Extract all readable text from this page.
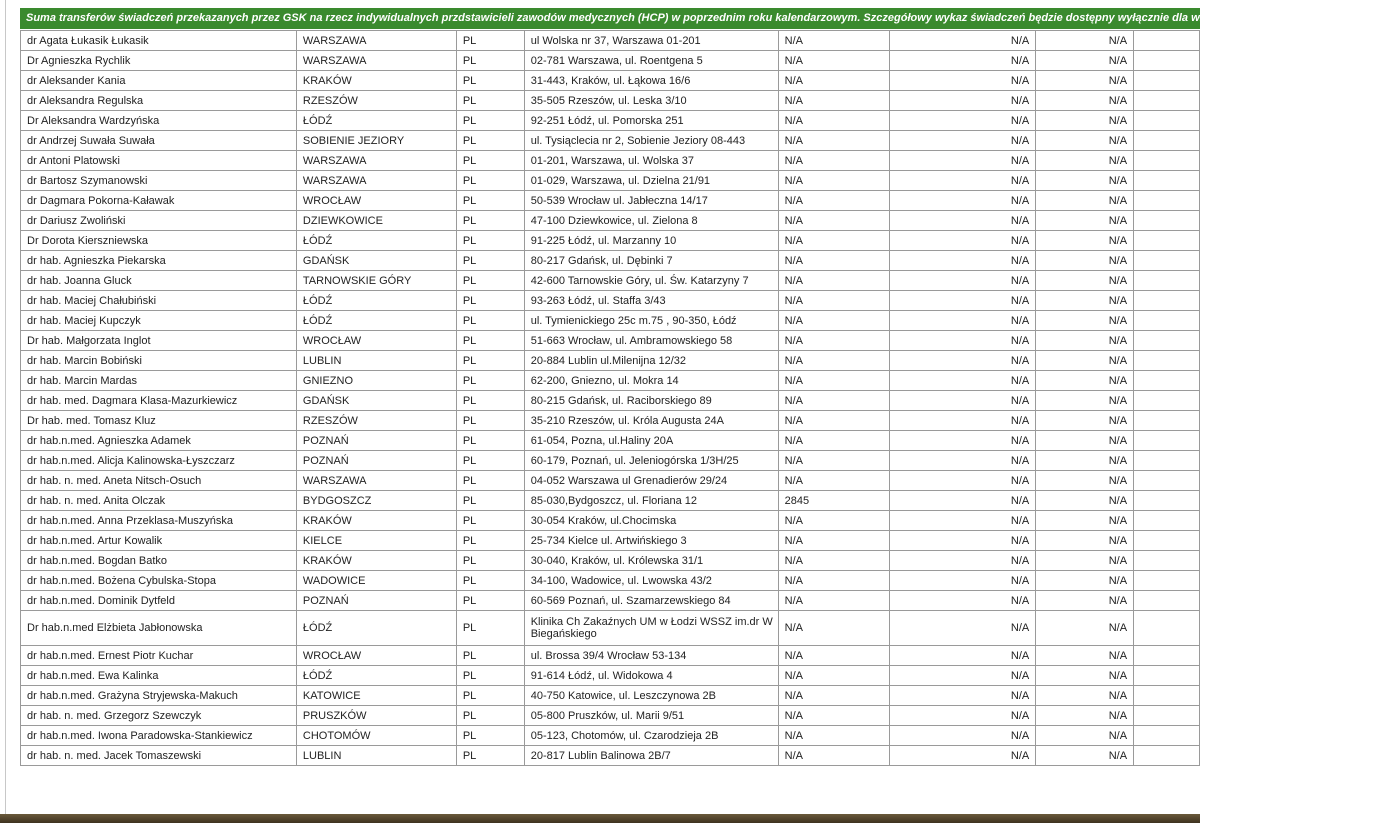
Suma transferów świadczeń przekazanych przez GSK na rzecz indywidualnych przdstawicieli zawodów medycznych (HCP) w poprzednim roku kalendarzowym. Szczegółowy wykaz świadczeń będzie dostępny wyłącznie dla właściwego HCP lub na jego żądanie
dr Agata Łukasik Łukasik	WARSZAWA	PL	ul Wolska nr 37, Warszawa 01-201	N/A	N/A	N/A	
Dr Agnieszka Rychlik	WARSZAWA	PL	02-781 Warszawa, ul. Roentgena 5	N/A	N/A	N/A	
dr Aleksander Kania	KRAKÓW	PL	31-443, Kraków, ul. Łąkowa 16/6	N/A	N/A	N/A	
dr Aleksandra Regulska	RZESZÓW	PL	35-505 Rzeszów, ul. Leska 3/10	N/A	N/A	N/A	
Dr Aleksandra Wardzyńska	ŁÓDŹ	PL	92-251 Łódź, ul. Pomorska 251	N/A	N/A	N/A	
dr Andrzej Suwała Suwała	SOBIENIE JEZIORY	PL	ul. Tysiąclecia nr 2, Sobienie Jeziory 08-443	N/A	N/A	N/A	
dr Antoni Platowski	WARSZAWA	PL	01-201, Warszawa, ul. Wolska 37	N/A	N/A	N/A	
dr Bartosz Szymanowski	WARSZAWA	PL	01-029, Warszawa, ul. Dzielna 21/91	N/A	N/A	N/A	
dr Dagmara Pokorna-Kaławak	WROCŁAW	PL	50-539 Wrocław ul. Jabłeczna 14/17	N/A	N/A	N/A	
dr Dariusz Zwoliński	DZIEWKOWICE	PL	47-100 Dziewkowice, ul. Zielona 8	N/A	N/A	N/A	
Dr Dorota Kierszniewska	ŁÓDŹ	PL	91-225 Łódź, ul. Marzanny 10	N/A	N/A	N/A	
dr hab. Agnieszka Piekarska	GDAŃSK	PL	80-217 Gdańsk, ul. Dębinki 7	N/A	N/A	N/A	
dr hab. Joanna Gluck	TARNOWSKIE GÓRY	PL	42-600 Tarnowskie Góry, ul. Św. Katarzyny 7	N/A	N/A	N/A	
dr hab. Maciej Chałubiński	ŁÓDŹ	PL	93-263 Łódź, ul. Staffa 3/43	N/A	N/A	N/A	
dr hab. Maciej Kupczyk	ŁÓDŹ	PL	ul. Tymienickiego 25c m.75 , 90-350, Łódź	N/A	N/A	N/A	
Dr hab. Małgorzata Inglot	WROCŁAW	PL	51-663 Wrocław, ul. Ambramowskiego 58	N/A	N/A	N/A	
dr hab. Marcin Bobiński	LUBLIN	PL	20-884 Lublin ul.Milenijna 12/32	N/A	N/A	N/A	
dr hab. Marcin Mardas	GNIEZNO	PL	62-200, Gniezno, ul. Mokra 14	N/A	N/A	N/A	
dr hab. med. Dagmara Klasa-Mazurkiewicz	GDAŃSK	PL	80-215 Gdańsk, ul. Raciborskiego 89	N/A	N/A	N/A	
Dr hab. med. Tomasz Kluz	RZESZÓW	PL	35-210 Rzeszów, ul. Króla Augusta 24A	N/A	N/A	N/A	
dr hab.n.med. Agnieszka Adamek	POZNAŃ	PL	61-054, Pozna, ul.Haliny 20A	N/A	N/A	N/A	
dr hab.n.med. Alicja Kalinowska-Łyszczarz	POZNAŃ	PL	60-179, Poznań, ul. Jeleniogórska 1/3H/25	N/A	N/A	N/A	
dr hab. n. med. Aneta Nitsch-Osuch	WARSZAWA	PL	04-052 Warszawa ul Grenadierów 29/24	N/A	N/A	N/A	
dr hab. n. med. Anita Olczak	BYDGOSZCZ	PL	85-030,Bydgoszcz, ul. Floriana 12	2845	N/A	N/A	
dr hab.n.med. Anna Przeklasa-Muszyńska	KRAKÓW	PL	30-054 Kraków, ul.Chocimska	N/A	N/A	N/A	
dr hab.n.med. Artur Kowalik	KIELCE	PL	25-734 Kielce ul. Artwińskiego 3	N/A	N/A	N/A	
dr hab.n.med. Bogdan Batko	KRAKÓW	PL	30-040, Kraków, ul. Królewska 31/1	N/A	N/A	N/A	
dr hab.n.med. Bożena Cybulska-Stopa	WADOWICE	PL	34-100, Wadowice, ul. Lwowska 43/2	N/A	N/A	N/A	
dr hab.n.med. Dominik Dytfeld	POZNAŃ	PL	60-569 Poznań, ul. Szamarzewskiego 84	N/A	N/A	N/A	
Dr hab.n.med Elżbieta Jabłonowska	ŁÓDŹ	PL	Klinika Ch Zakaźnych UM w Łodzi WSSZ im.dr W Biegańskiego	N/A	N/A	N/A	
dr hab.n.med. Ernest Piotr Kuchar	WROCŁAW	PL	ul. Brossa 39/4 Wrocław 53-134	N/A	N/A	N/A	
dr hab.n.med. Ewa Kalinka	ŁÓDŹ	PL	91-614 Łódź, ul. Widokowa 4	N/A	N/A	N/A	
dr hab.n.med. Grażyna Stryjewska-Makuch	KATOWICE	PL	40-750 Katowice, ul. Leszczynowa 2B	N/A	N/A	N/A	
dr hab. n. med. Grzegorz Szewczyk	PRUSZKÓW	PL	05-800 Pruszków, ul. Marii 9/51	N/A	N/A	N/A	
dr hab.n.med. Iwona Paradowska-Stankiewicz	CHOTOMÓW	PL	05-123, Chotomów, ul. Czarodzieja 2B	N/A	N/A	N/A	
dr hab. n. med. Jacek Tomaszewski	LUBLIN	PL	20-817 Lublin Balinowa 2B/7	N/A	N/A	N/A	
